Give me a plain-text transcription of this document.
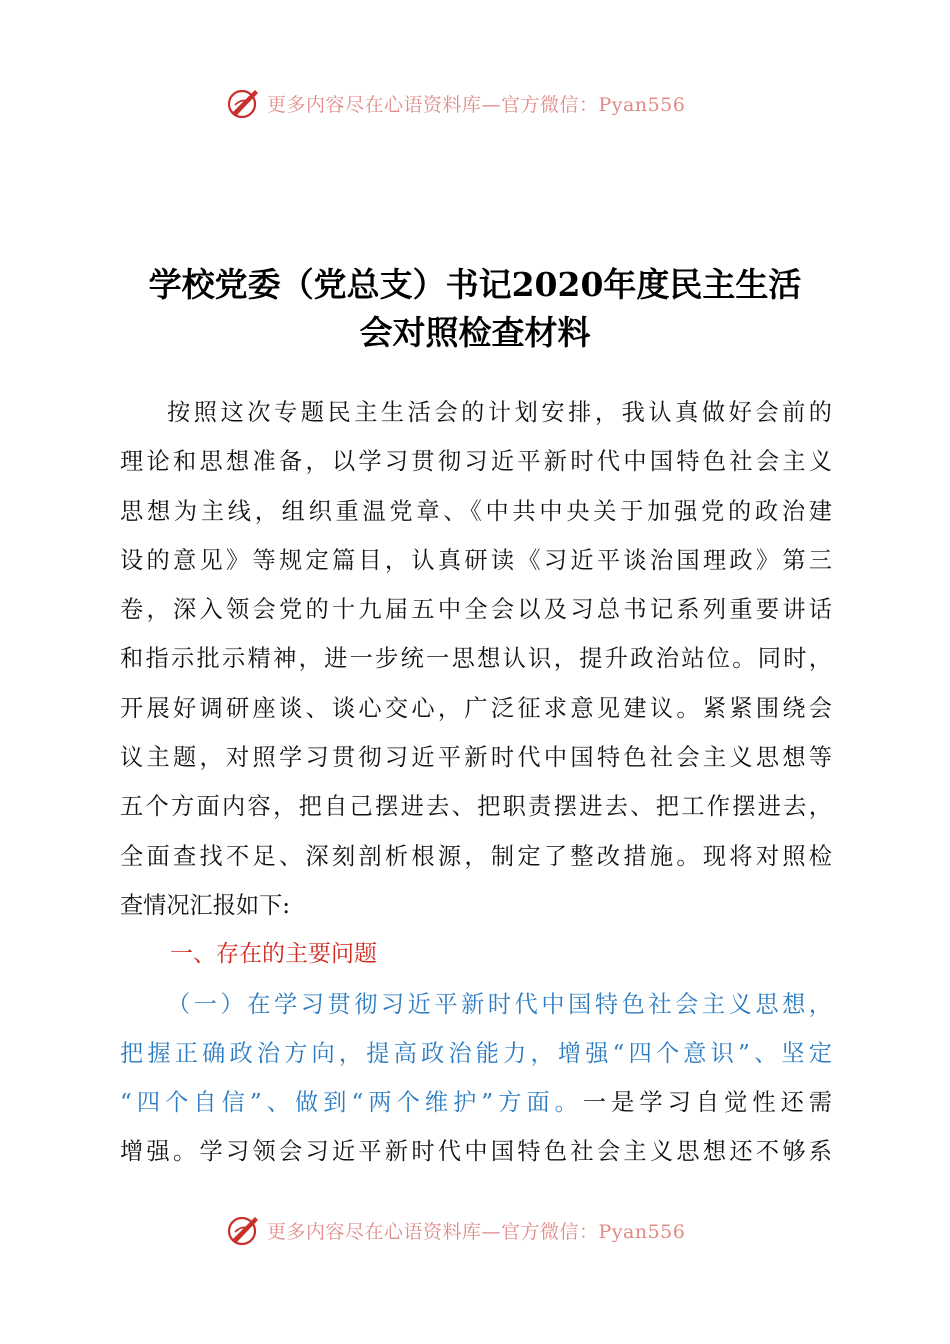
更多内容尽在心语资料库—官方微信：Pyan556
学校党委（党总支）书记2020年度民主生活
会对照检查材料
按照这次专题民主生活会的计划安排，我认真做好会前的
理论和思想准备，以学习贯彻习近平新时代中国特色社会主义
思想为主线，组织重温党章、《中共中央关于加强党的政治建
设的意见》等规定篇目，认真研读《习近平谈治国理政》第三
卷，深入领会党的十九届五中全会以及习总书记系列重要讲话
和指示批示精神，进一步统一思想认识，提升政治站位。同时，
开展好调研座谈、谈心交心，广泛征求意见建议。紧紧围绕会
议主题，对照学习贯彻习近平新时代中国特色社会主义思想等
五个方面内容，把自己摆进去、把职责摆进去、把工作摆进去，
全面查找不足、深刻剖析根源，制定了整改措施。现将对照检
查情况汇报如下:
一、存在的主要问题
（一）在学习贯彻习近平新时代中国特色社会主义思想，
把握正确政治方向，提高政治能力，增强“四个意识”、坚定
“四个自信”、做到“两个维护”方面。一是学习自觉性还需
增强。学习领会习近平新时代中国特色社会主义思想还不够系
更多内容尽在心语资料库—官方微信：Pyan556
